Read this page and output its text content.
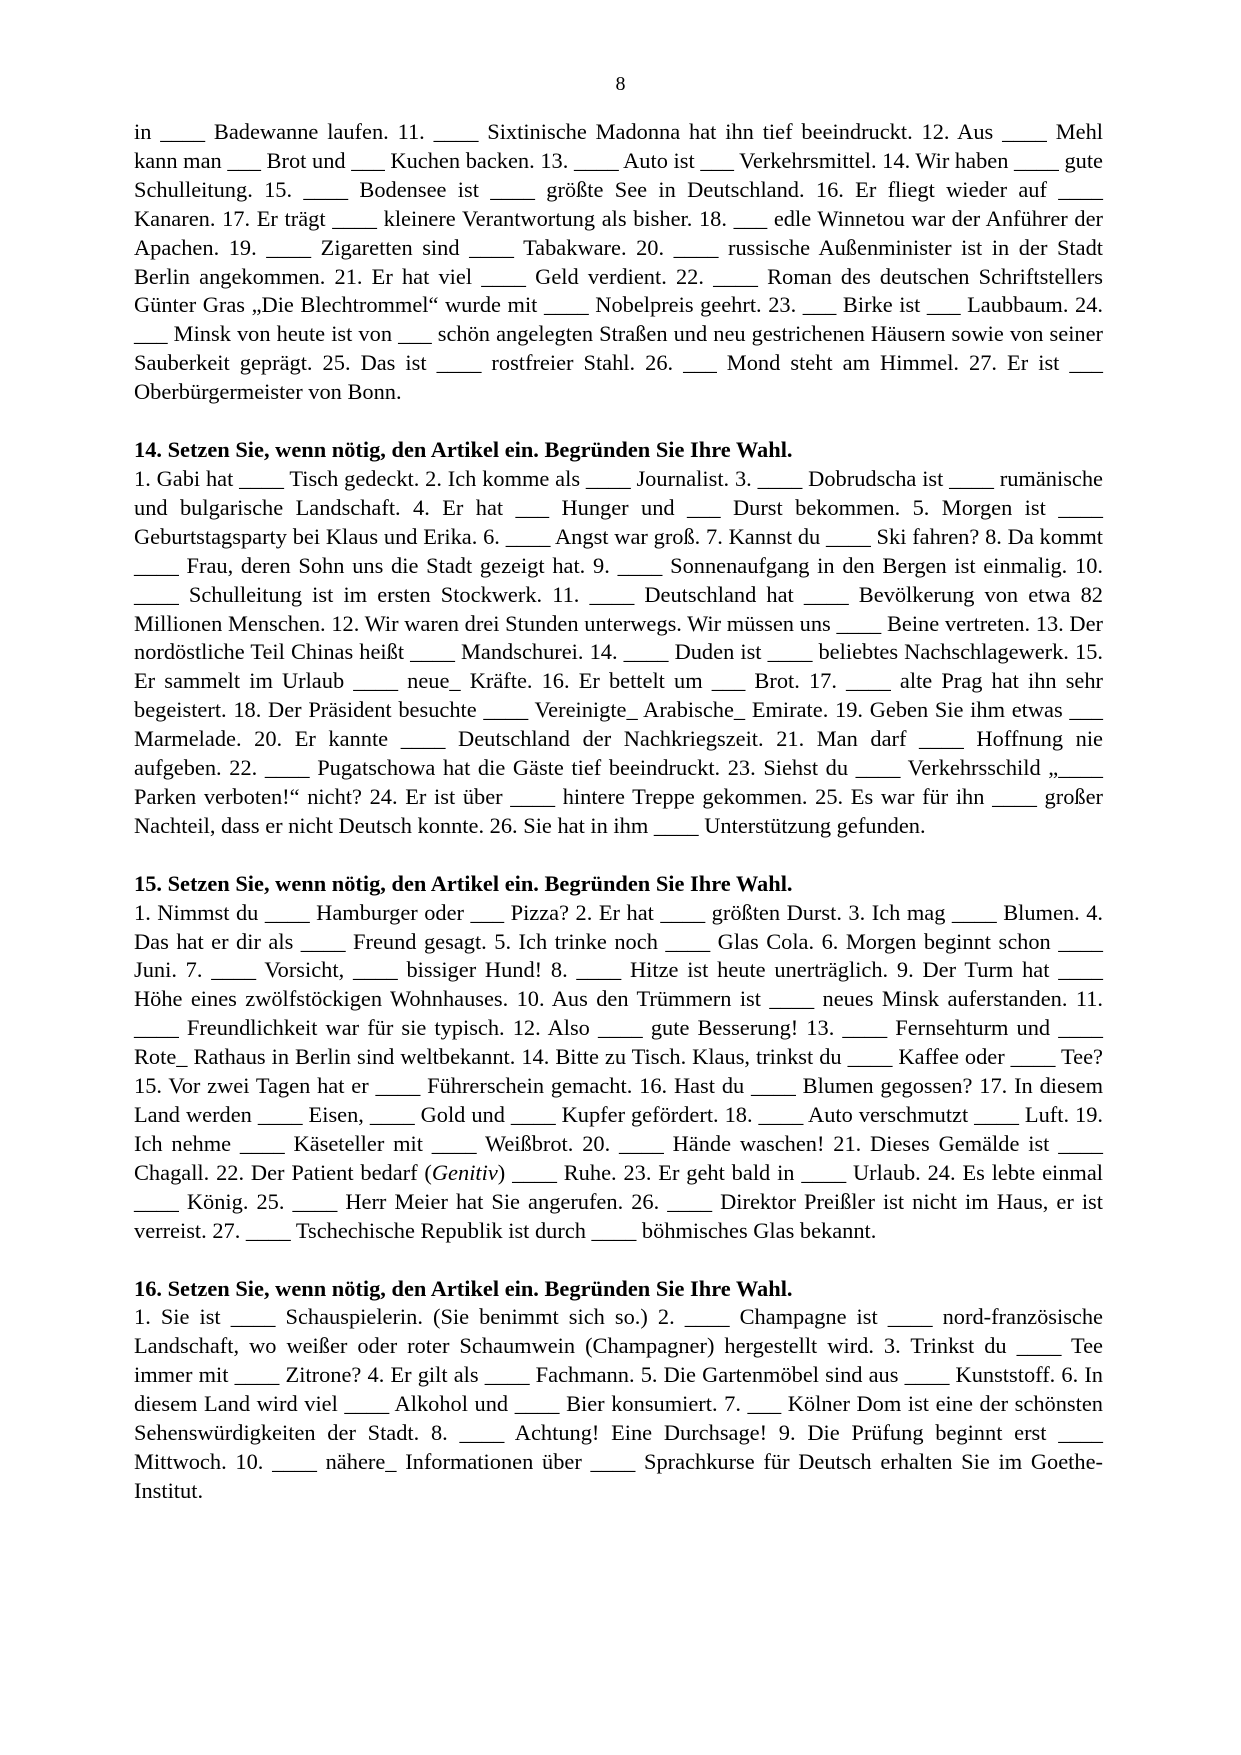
8

in ____ Badewanne laufen. 11. ____ Sixtinische Madonna hat ihn tief beeindruckt. 12. Aus ____ Mehl kann man ___ Brot und ___ Kuchen backen. 13. ____ Auto ist ___ Verkehrsmittel. 14. Wir haben ____ gute Schulleitung. 15. ____ Bodensee ist ____ größte See in Deutschland. 16. Er fliegt wieder auf ____ Kanaren. 17. Er trägt ____ kleinere Verantwortung als bisher. 18. ___ edle Winnetou war der Anführer der Apachen. 19. ____ Zigaretten sind ____ Tabakware. 20. ____ russische Außenminister ist in der Stadt Berlin angekommen. 21. Er hat viel ____ Geld verdient. 22. ____ Roman des deutschen Schriftstellers Günter Gras „Die Blechtrommel“ wurde mit ____ Nobelpreis geehrt. 23. ___ Birke ist ___ Laubbaum. 24. ___ Minsk von heute ist von ___ schön angelegten Straßen und neu gestrichenen Häusern sowie von seiner Sauberkeit geprägt. 25. Das ist ____ rostfreier Stahl. 26. ___ Mond steht am Himmel. 27. Er ist ___ Oberbürgermeister von Bonn.

14. Setzen Sie, wenn nötig, den Artikel ein. Begründen Sie Ihre Wahl.

1. Gabi hat ____ Tisch gedeckt. 2. Ich komme als ____ Journalist. 3. ____ Dobrudscha ist ____ rumänische und bulgarische Landschaft. 4. Er hat ___ Hunger und ___ Durst bekommen. 5. Morgen ist ____ Geburtstagsparty bei Klaus und Erika. 6. ____ Angst war groß. 7. Kannst du ____ Ski fahren? 8. Da kommt ____ Frau, deren Sohn uns die Stadt gezeigt hat. 9. ____ Sonnenaufgang in den Bergen ist einmalig. 10. ____ Schulleitung ist im ersten Stockwerk. 11. ____ Deutschland hat ____ Bevölkerung von etwa 82 Millionen Menschen. 12. Wir waren drei Stunden unterwegs. Wir müssen uns ____ Beine vertreten. 13. Der nordöstliche Teil Chinas heißt ____ Mandschurei. 14. ____ Duden ist ____ beliebtes Nachschlagewerk. 15. Er sammelt im Urlaub ____ neue_ Kräfte. 16. Er bettelt um ___ Brot. 17. ____ alte Prag hat ihn sehr begeistert. 18. Der Präsident besuchte ____ Vereinigte_ Arabische_ Emirate. 19. Geben Sie ihm etwas ___ Marmelade. 20. Er kannte ____ Deutschland der Nachkriegszeit. 21. Man darf ____ Hoffnung nie aufgeben. 22. ____ Pugatschowa hat die Gäste tief beeindruckt. 23. Siehst du ____ Verkehrsschild „____ Parken verboten!“ nicht? 24. Er ist über ____ hintere Treppe gekommen. 25. Es war für ihn ____ großer Nachteil, dass er nicht Deutsch konnte. 26. Sie hat in ihm ____ Unterstützung gefunden.

15. Setzen Sie, wenn nötig, den Artikel ein. Begründen Sie Ihre Wahl.

1. Nimmst du ____ Hamburger oder ___ Pizza? 2. Er hat ____ größten Durst. 3. Ich mag ____ Blumen. 4. Das hat er dir als ____ Freund gesagt. 5. Ich trinke noch ____ Glas Cola. 6. Morgen beginnt schon ____ Juni. 7. ____ Vorsicht, ____ bissiger Hund! 8. ____ Hitze ist heute unerträglich. 9. Der Turm hat ____ Höhe eines zwölfstöckigen Wohnhauses. 10. Aus den Trümmern ist ____ neues Minsk auferstanden. 11. ____ Freundlichkeit war für sie typisch. 12. Also ____ gute Besserung! 13. ____ Fernsehturm und ____ Rote_ Rathaus in Berlin sind weltbekannt. 14. Bitte zu Tisch. Klaus, trinkst du ____ Kaffee oder ____ Tee? 15. Vor zwei Tagen hat er ____ Führerschein gemacht. 16. Hast du ____ Blumen gegossen? 17. In diesem Land werden ____ Eisen, ____ Gold und ____ Kupfer gefördert. 18. ____ Auto verschmutzt ____ Luft. 19. Ich nehme ____ Käseteller mit ____ Weißbrot. 20. ____ Hände waschen! 21. Dieses Gemälde ist ____ Chagall. 22. Der Patient bedarf (Genitiv) ____ Ruhe. 23. Er geht bald in ____ Urlaub. 24. Es lebte einmal ____ König. 25. ____ Herr Meier hat Sie angerufen. 26. ____ Direktor Preißler ist nicht im Haus, er ist verreist. 27. ____ Tschechische Republik ist durch ____ böhmisches Glas bekannt.

16. Setzen Sie, wenn nötig, den Artikel ein. Begründen Sie Ihre Wahl.

1. Sie ist ____ Schauspielerin. (Sie benimmt sich so.) 2. ____ Champagne ist ____ nord-französische Landschaft, wo weißer oder roter Schaumwein (Champagner) hergestellt wird. 3. Trinkst du ____ Tee immer mit ____ Zitrone? 4. Er gilt als ____ Fachmann. 5. Die Gartenmöbel sind aus ____ Kunststoff. 6. In diesem Land wird viel ____ Alkohol und ____ Bier konsumiert. 7. ___ Kölner Dom ist eine der schönsten Sehenswürdigkeiten der Stadt. 8. ____ Achtung! Eine Durchsage! 9. Die Prüfung beginnt erst ____ Mittwoch. 10. ____ nähere_ Informationen über ____ Sprachkurse für Deutsch erhalten Sie im Goethe-Institut.
